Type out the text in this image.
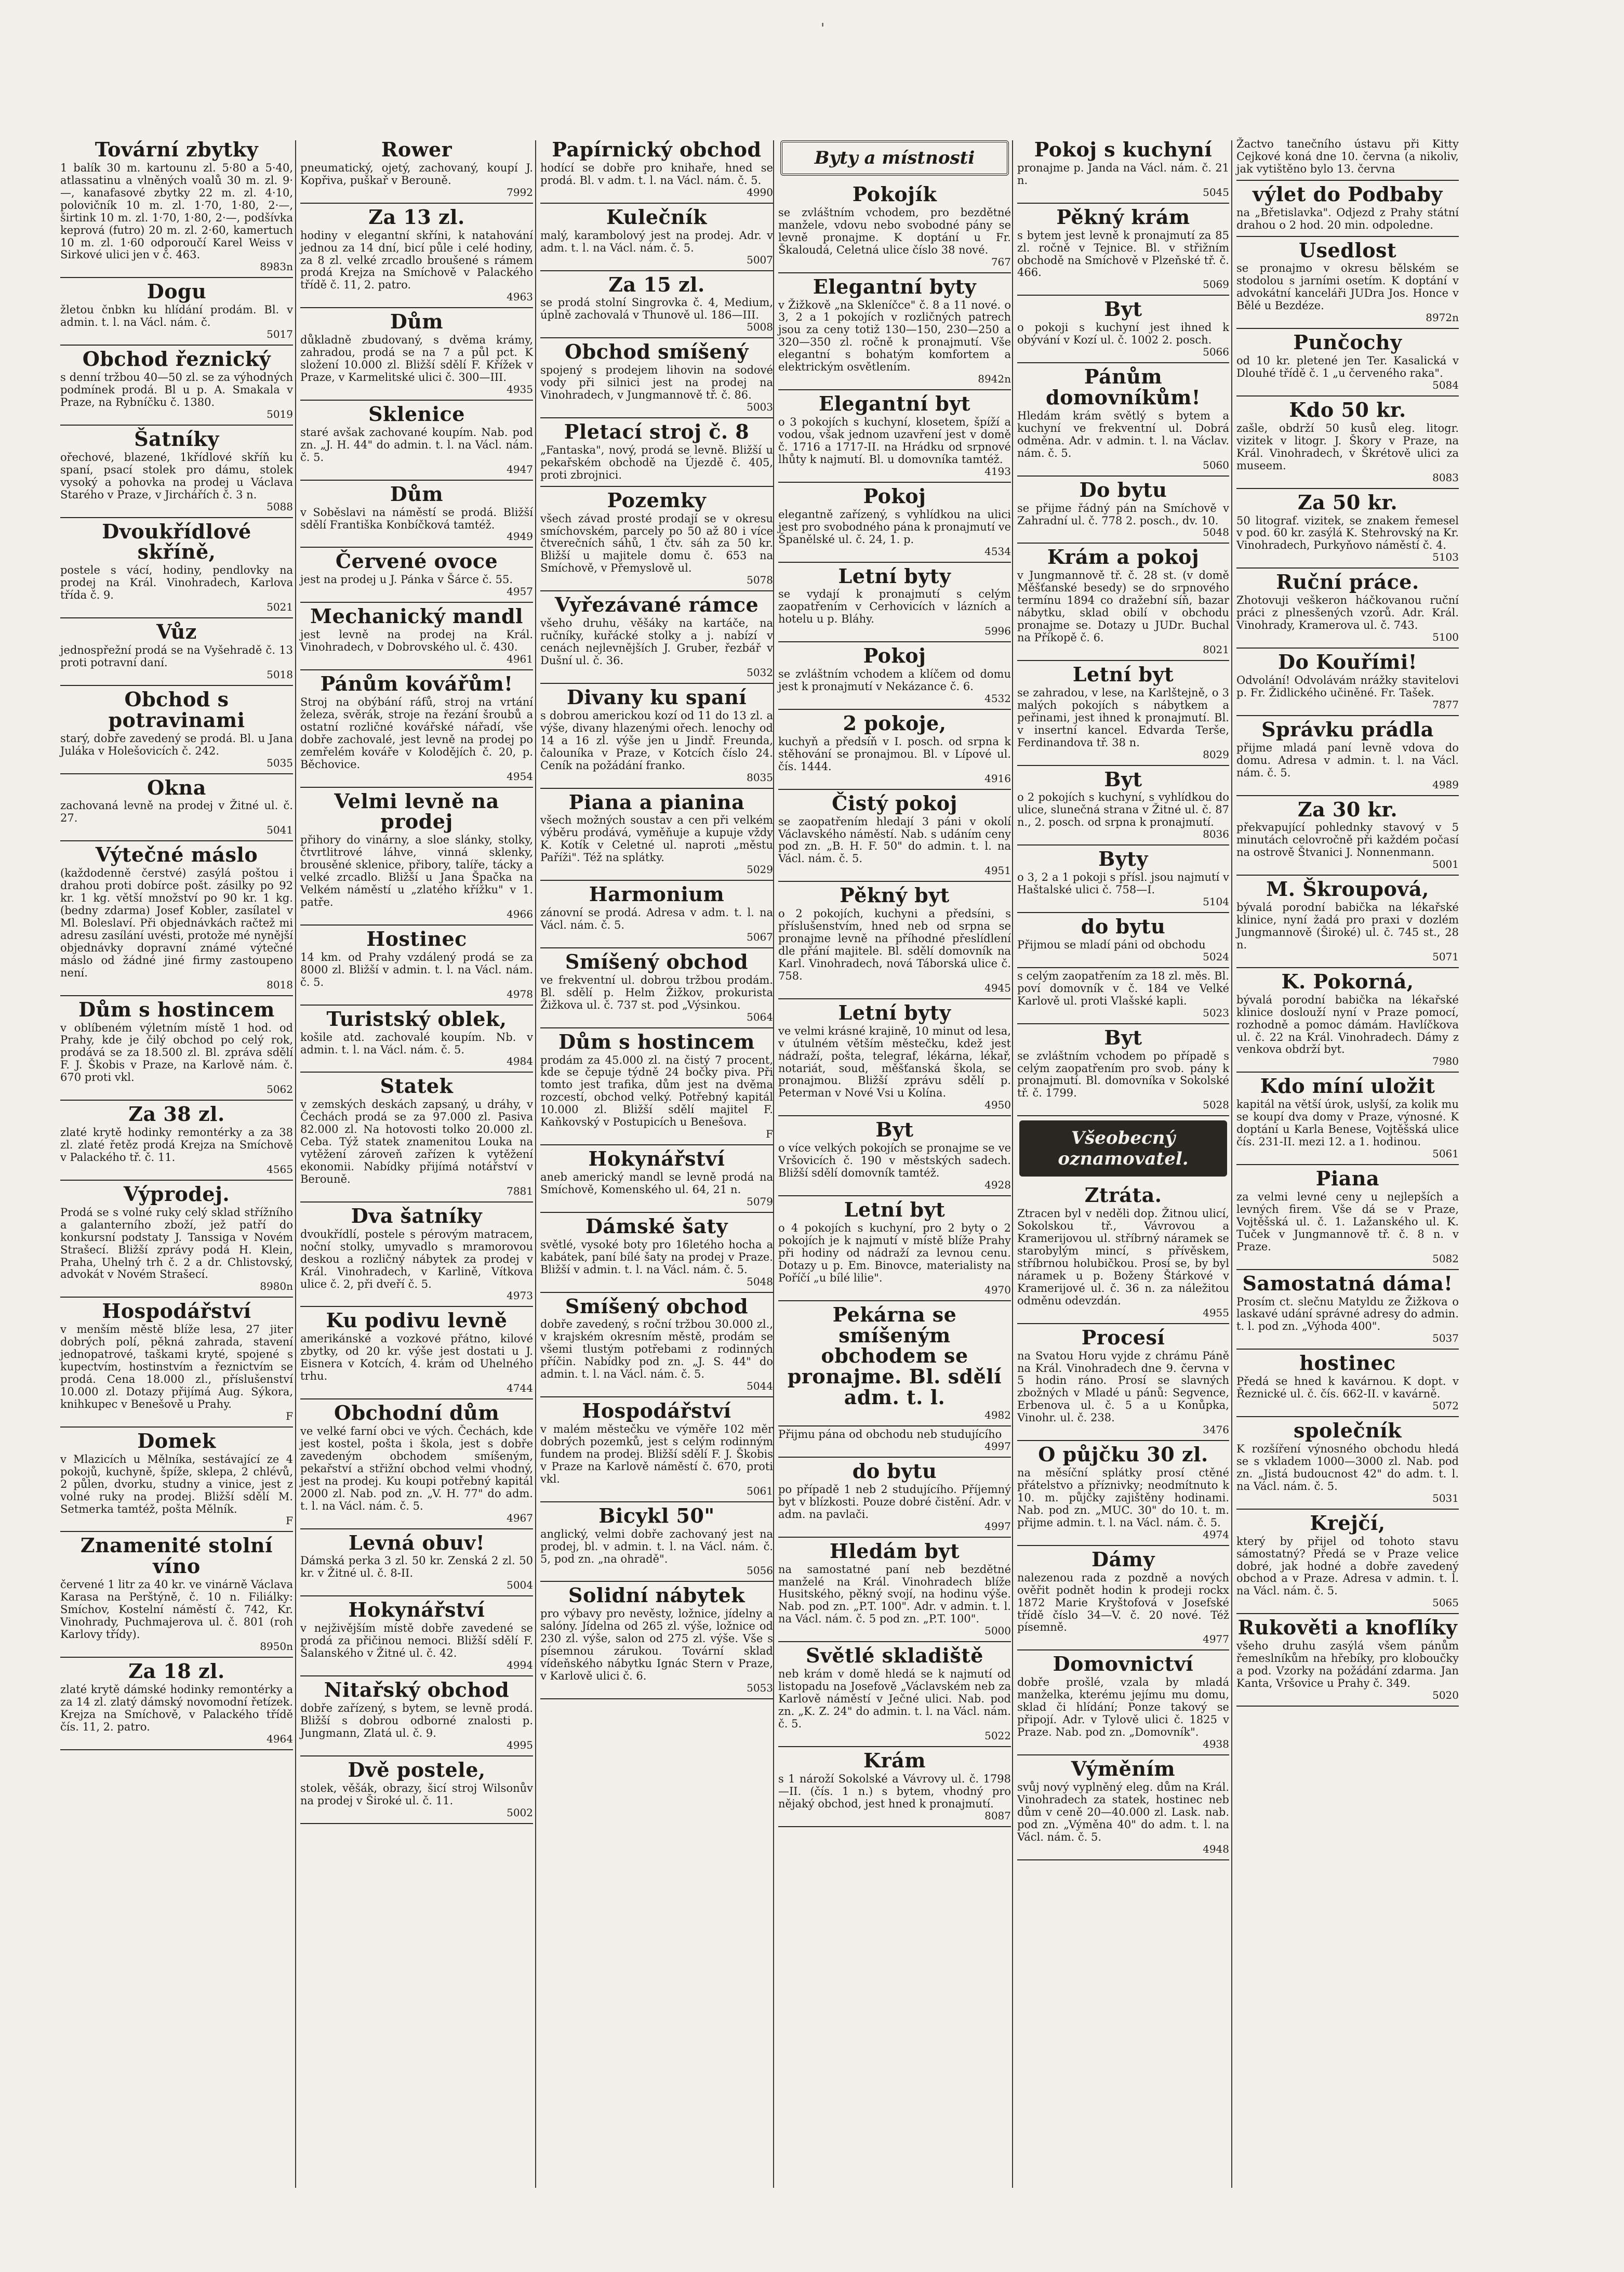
'
Tovární zbytky

1 balík 30 m. kartounu zl. 5·80 a 5·40, atlassatinu a vlněných voalů 30 m. zl. 9·—, kanafasové zbytky 22 m. zl. 4·10, polovičník 10 m. zl. 1·70, 1·80, 2·—, širtink 10 m. zl. 1·70, 1·80, 2·—, podšívka keprová (futro) 20 m. zl. 2·60, kamertuch 10 m. zl. 1·60 odporoučí Karel Weiss v Sirkové ulici jen v č. 463.

8983n
Dogu

žletou čnbkn ku hlídání prodám. Bl. v admin. t. l. na Václ. nám. č.

5017
Obchod řeznický

s denní tržbou 40—50 zl. se za výhodných podmínek prodá. Bl u p. A. Smakala v Praze, na Rybníčku č. 1380.

5019
Šatníky

ořechové, blazené, 1křídlové skříň ku spaní, psací stolek pro dámu, stolek vysoký a pohovka na prodej u Václava Starého v Praze, v Jirchářích č. 3 n.

5088
Dvoukřídlové skříně,

postele s vácí, hodiny, pendlovky na prodej na Král. Vinohradech, Karlova třída č. 9.

5021
Vůz

jednospřežní prodá se na Vyšehradě č. 13 proti potravní daní.

5018
Obchod s potravinami

starý, dobře zavedený se prodá. Bl. u Jana Juláka v Holešovicích č. 242.

5035
Okna

zachovaná levně na prodej v Žitné ul. č. 27.

5041
Výtečné máslo

(každodenně čerstvé) zasýlá poštou i drahou proti dobírce pošt. zásilky po 92 kr. 1 kg. větší množství po 90 kr. 1 kg. (bedny zdarma) Josef Kobler, zasílatel v Ml. Boleslaví. Při objednávkách račtež mi adresu zasílání uvésti, protože mé nynější objednávky dopravní známé výtečné máslo od žádné jiné firmy zastoupeno není.

8018
Dům s hostincem

v oblíbeném výletním místě 1 hod. od Prahy, kde je čilý obchod po celý rok, prodává se za 18.500 zl. Bl. zpráva sdělí F. J. Škobis v Praze, na Karlově nám. č. 670 proti vkl.

5062
Za 38 zl.

zlaté krytě hodinky remontérky a za 38 zl. zlaté řetěz prodá Krejza na Smíchově v Palackého tř. č. 11.

4565
Výprodej.

Prodá se s volné ruky celý sklad střížního a galanterního zboží, jež patří do konkursní podstaty J. Tanssiga v Novém Strašecí. Bližší zprávy podá H. Klein, Praha, Uhelný trh č. 2 a dr. Chlistovský, advokát v Novém Strašecí.

8980n
Hospodářství

v menším městě blíže lesa, 27 jiter dobrých polí, pěkná zahrada, stavení jednopatrové, taškami kryté, spojené s kupectvím, hostinstvím a řeznictvím se prodá. Cena 18.000 zl., příslušenství 10.000 zl. Dotazy přijímá Aug. Sýkora, knihkupec v Benešově u Prahy.

F
Domek

v Mlazicích u Mělníka, sestávající ze 4 pokojů, kuchyně, špíže, sklepa, 2 chlévů, 2 půlen, dvorku, studny a vinice, jest z volné ruky na prodej. Bližší sdělí M. Setmerka tamtéž, pošta Mělník.

F
Znamenité stolní víno

červené 1 litr za 40 kr. ve vinárně Václava Karasa na Perštýně, č. 10 n. Filiálky: Smíchov, Kostelní náměstí č. 742, Kr. Vinohrady, Puchmajerova ul. č. 801 (roh Karlovy třídy).

8950n
Za 18 zl.

zlaté krytě dámské hodinky remontérky a za 14 zl. zlatý dámský novomodní řetízek. Krejza na Smíchově, v Palackého třídě čís. 11, 2. patro.

4964
Rower

pneumatický, ojetý, zachovaný, koupí J. Kopřiva, puškař v Berouně.

7992
Za 13 zl.

hodiny v elegantní skříni, k natahování jednou za 14 dní, bicí půle i celé hodiny, za 8 zl. velké zrcadlo broušené s rámem prodá Krejza na Smíchově v Palackého třídě č. 11, 2. patro.

4963
Dům

důkladně zbudovaný, s dvěma krámy, zahradou, prodá se na 7 a půl pct. K složení 10.000 zl. Bližší sdělí F. Křížek v Praze, v Karmelitské ulici č. 300—III.

4935
Sklenice

staré avšak zachované koupím. Nab. pod zn. „J. H. 44" do admin. t. l. na Václ. nám. č. 5.

4947
Dům

v Soběslavi na náměstí se prodá. Bližší sdělí Františka Konbíčková tamtéž.

4949
Červené ovoce

jest na prodej u J. Pánka v Šárce č. 55.

4957
Mechanický mandl

jest levně na prodej na Král. Vinohradech, v Dobrovského ul. č. 430.

4961
Pánům kovářům!

Stroj na obýbání ráfů, stroj na vrtání železa, svěrák, stroje na řezání šroubů a ostatní rozličné kovářské nářadí, vše dobře zachovalé, jest levně na prodej po zemřelém kováře v Kolodějích č. 20, p. Běchovice.

4954
Velmi levně na prodej

přihory do vinárny, a sloe slánky, stolky, čtvrtlitrové láhve, vinná sklenky, brousěné sklenice, přibory, talíře, tácky a velké zrcadlo. Bližší u Jana Špačka na Velkém náměstí u „zlatého křížku" v 1. patře.

4966
Hostinec

14 km. od Prahy vzdálený prodá se za 8000 zl. Bližší v admin. t. l. na Václ. nám. č. 5.

4978
Turistský oblek,

košile atd. zachovalé koupím. Nb. v admin. t. l. na Václ. nám. č. 5.

4984
Statek

v zemských deskách zapsaný, u dráhy, v Čechách prodá se za 97.000 zl. Pasiva 82.000 zl. Na hotovosti tolko 20.000 zl. Ceba. Týž statek znamenitou Louka na vytěžení zároveň zařízen k vytěžení ekonomii. Nabídky přijímá notářství v Berouně.

7881
Dva šatníky

dvoukřídlí, postele s pérovým matracem, noční stolky, umyvadlo s mramorovou deskou a rozličný nábytek za prodej v Král. Vinohradech, v Karlině, Vítkova ulice č. 2, při dveří č. 5.

4973
Ku podivu levně

amerikánské a vozkové přátno, kilové zbytky, od 20 kr. výše jest dostati u J. Eisnera v Kotcích, 4. krám od Uhelného trhu.

4744
Obchodní dům

ve velké farní obci ve vých. Čechách, kde jest kostel, pošta i škola, jest s dobře zavedeným obchodem smíšeným, pekařství a střižní obchod velmi vhodný, jest na prodej. Ku koupi potřebný kapitál 2000 zl. Nab. pod zn. „V. H. 77" do adm. t. l. na Václ. nám. č. 5.

4967
Levná obuv!

Dámská perka 3 zl. 50 kr. Zenská 2 zl. 50 kr. v Žitné ul. č. 8-II.

5004
Hokynářství

v nejživějším místě dobře zavedené se prodá za přičinou nemoci. Bližší sdělí F. Šalanského v Žitné ul. č. 42.

4994
Nitařský obchod

dobře zařízený, s bytem, se levně prodá. Bližší s dobrou odborné znalosti p. Jungmann, Zlatá ul. č. 9.

4995
Dvě postele,

stolek, věšák, obrazy, šicí stroj Wilsonův na prodej v Široké ul. č. 11.

5002
Papírnický obchod

hodící se dobře pro knihaře, hned se prodá. Bl. v adm. t. l. na Václ. nám. č. 5.

4990
Kulečník

malý, karambolový jest na prodej. Adr. v adm. t. l. na Václ. nám. č. 5.

5007
Za 15 zl.

se prodá stolní Singrovka č. 4, Medium, úplně zachovalá v Thunově ul. 186—III.

5008
Obchod smíšený

spojený s prodejem lihovin na sodové vody při silnici jest na prodej na Vinohradech, v Jungmannově tř. č. 86.

5003
Pletací stroj č. 8

„Fantaska", nový, prodá se levně. Bližší u pekařském obchodě na Újezdě č. 405, proti zbrojnici.

Pozemky

všech závad prosté prodají se v okresu smíchovském, parcely po 50 až 80 i více čtverečních sáhů, 1 čtv. sáh za 50 kr. Bližší u majitele domu č. 653 na Smíchově, v Přemyslově ul.

5078
Vyřezávané rámce

všeho druhu, věšáky na kartáče, na ručníky, kuřácké stolky a j. nabízí v cenách nejlevnějších J. Gruber, řezbář v Dušní ul. č. 36.

5032
Divany ku spaní

s dobrou americkou kozí od 11 do 13 zl. a výše, divany hlazenými ořech. lenochy od 14 a 16 zl. výše jen u Jindř. Freunda, čalouníka v Praze, v Kotcích číslo 24. Ceník na požádání franko.

8035
Piana a pianina

všech možných soustav a cen při velkém výběru prodává, vyměňuje a kupuje vždy K. Kotík v Celetné ul. naproti „městu Paříži". Též na splátky.

5029
Harmonium

zánovní se prodá. Adresa v adm. t. l. na Václ. nám. č. 5.

5067
Smíšený obchod

ve frekventní ul. dobrou tržbou prodám. Bl. sdělí p. Helm Žižkov, prokurista Žižkova ul. č. 737 st. pod „Výsinkou.

5064
Dům s hostincem

prodám za 45.000 zl. na čistý 7 procent, kde se čepuje týdně 24 bočky piva. Při tomto jest trafika, dům jest na dvěma rozcestí, obchod velký. Potřebný kapitál 10.000 zl. Bližší sdělí majitel F. Kaňkovský v Postupicích u Benešova.

F
Hokynářství

aneb americký mandl se levně prodá na Smíchově, Komenského ul. 64, 21 n.

5079
Dámské šaty

světlé, vysoké boty pro 16letého hocha a kabátek, paní bílé šaty na prodej v Praze. Bližší v admin. t. l. na Václ. nám. č. 5.

5048
Smíšený obchod

dobře zavedený, s roční tržbou 30.000 zl., v krajském okresním městě, prodám se všemi tlustým potřebami z rodinných příčin. Nabídky pod zn. „J. S. 44" do admin. t. l. na Václ. nám. č. 5.

5044
Hospodářství

v malém městečku ve výměře 102 měr dobrých pozemků, jest s celým rodinným fundem na prodej. Bližší sdělí F. J. Škobis v Praze na Karlově náměstí č. 670, proti vkl.

5061
Bicykl 50"

anglický, velmi dobře zachovaný jest na prodej, bl. v admin. t. l. na Václ. nám. č. 5, pod zn. „na ohradě".

5056
Solidní nábytek

pro výbavy pro nevěsty, ložnice, jídelny a salóny. Jídelna od 265 zl. výše, ložnice od 230 zl. výše, salon od 275 zl. výše. Vše s písemnou zárukou. Tovární sklad vídeňského nábytku Ignác Stern v Praze, v Karlově ulici č. 6.

5053
Byty a místnosti
Pokojík

se zvláštním vchodem, pro bezdětné manžele, vdovu nebo svobodné pány se levně pronajme. K doptání u Fr. Škaloudá, Celetná ulice číslo 38 nové.

767
Elegantní byty

v Žižkově „na Skleníčce" č. 8 a 11 nové. o 3, 2 a 1 pokojích v rozličných patrech jsou za ceny totiž 130—150, 230—250 a 320—350 zl. ročně k pronajmutí. Vše elegantní s bohatým komfortem a elektrickým osvětlením.

8942n
Elegantní byt

o 3 pokojích s kuchyní, klosetem, špíží a vodou, však jednom uzavření jest v domě č. 1716 a 1717-II. na Hrádku od srpnové lhůty k najmutí. Bl. u domovníka tamtéž.

4193
Pokoj

elegantně zařízený, s vyhlídkou na ulici jest pro svobodného pána k pronajmutí ve Španělské ul. č. 24, 1. p.

4534
Letní byty

se vydají k pronajmutí s celým zaopatřením v Cerhovicích v lázních a hotelu u p. Bláhy.

5996
Pokoj

se zvláštním vchodem a klíčem od domu jest k pronajmutí v Nekázance č. 6.

4532
2 pokoje,

kuchyň a předsíň v I. posch. od srpna k stěhování se pronajmou. Bl. v Lípové ul. čís. 1444.

4916
Čistý pokoj

se zaopatřením hledají 3 páni v okolí Václavského náměstí. Nab. s udáním ceny pod zn. „B. H. F. 50" do admin. t. l. na Václ. nám. č. 5.

4951
Pěkný byt

o 2 pokojích, kuchyni a předsíni, s příslušenstvím, hned neb od srpna se pronajme levně na příhodné přeslídlení dle přání majitele. Bl. sdělí domovník na Karl. Vinohradech, nová Táborská ulice č. 758.

4945
Letní byty

ve velmi krásné krajině, 10 minut od lesa, v útulném větším městečku, kdež jest nádraží, pošta, telegraf, lékárna, lékař, notariát, soud, měšťanská škola, se pronajmou. Bližší zprávu sdělí p. Peterman v Nové Vsi u Kolína.

4950
Byt

o více velkých pokojích se pronajme se ve Vršovicích č. 190 v městských sadech. Bližší sdělí domovník tamtéž.

4928
Letní byt

o 4 pokojích s kuchyní, pro 2 byty o 2 pokojích je k najmutí v místě blíže Prahy při hodiny od nádraží za levnou cenu. Dotazy u p. Em. Binovce, materialisty na Poříčí „u bílé lilie".

4970
Pekárna se smíšeným obchodem se pronajme. Bl. sdělí adm. t. l.
4982

Přijmu pána od obchodu neb studujícího

4997
do bytu

po případě 1 neb 2 studujícího. Příjemný byt v blízkosti. Pouze dobré čistění. Adr. v adm. na pavlači.

4997
Hledám byt

na samostatné paní neb bezdětné manželé na Král. Vinohradech blíže Husitského, pěkný svojí, na hodinu výše. Nab. pod zn. „P.T. 100". Adr. v admin. t. l. na Václ. nám. č. 5 pod zn. „P.T. 100".

5000
Světlé skladiště

neb krám v domě hledá se k najmutí od listopadu na Josefově „Václavském neb za Karlově náměstí v Ječné ulici. Nab. pod zn. „K. Z. 24" do admin. t. l. na Václ. nám. č. 5.

5022
Krám

s 1 nároží Sokolské a Vávrovy ul. č. 1798—II. (čís. 1 n.) s bytem, vhodný pro nějaký obchod, jest hned k pronajmutí.

8087
Pokoj s kuchyní

pronajme p. Janda na Václ. nám. č. 21 n.

5045
Pěkný krám

s bytem jest levně k pronajmutí za 85 zl. ročně v Tejnice. Bl. v střižním obchodě na Smíchově v Plzeňské tř. č. 466.

5069
Byt

o pokoji s kuchyní jest ihned k obývání v Kozí ul. č. 1002 2. posch.

5066
Pánům domovníkům!

Hledám krám světlý s bytem a kuchyní ve frekventní ul. Dobrá odměna. Adr. v admin. t. l. na Václav. nám. č. 5.

5060
Do bytu

se přijme řádný pán na Smíchově v Zahradní ul. č. 778 2. posch., dv. 10.

5048
Krám a pokoj

v Jungmannově tř. č. 28 st. (v domě Měšťanské besedy) se do srpnového termínu 1894 co dražební síň, bazar nábytku, sklad obilí v obchodu pronajme se. Dotazy u JUDr. Buchal na Příkopě č. 6.

8021
Letní byt

se zahradou, v lese, na Karlštejně, o 3 malých pokojích s nábytkem a peřinami, jest ihned k pronajmutí. Bl. v insertní kancel. Edvarda Terše, Ferdinandova tř. 38 n.

8029
Byt

o 2 pokojích s kuchyní, s vyhlídkou do ulice, slunečná strana v Žitné ul. č. 87 n., 2. posch. od srpna k pronajmutí.

8036
Byty

o 3, 2 a 1 pokoji s přísl. jsou najmutí v Haštalské ulici č. 758—I.

5104
do bytu

Přijmou se mladí páni od obchodu

5024

s celým zaopatřením za 18 zl. měs. Bl. poví domovník v č. 184 ve Velké Karlově ul. proti Vlašské kapli.

5023
Byt

se zvláštním vchodem po případě s celým zaopatřením pro svob. pány k pronajmutí. Bl. domovníka v Sokolské tř. č. 1799.

5028
Všeobecný oznamovatel.
Ztráta.

Ztracen byl v neděli dop. Žitnou ulicí, Sokolskou tř., Vávrovou a Kramerijovou ul. stříbrný náramek se starobylým mincí, s přívěskem, stříbrnou holubičkou. Prosí se, by byl náramek u p. Boženy Štárkové v Kramerijové ul. č. 36 n. za náležitou odměnu odevzdán.

4955
Procesí

na Svatou Horu vyjde z chrámu Páně na Král. Vinohradech dne 9. června v 5 hodin ráno. Prosí se slavných zbožných v Mladé u pánů: Segvence, Erbenova ul. č. 5 a u Konůpka, Vinohr. ul. č. 238.

3476
O půjčku 30 zl.

na měsíční splátky prosí ctěné přátelstvo a příznivky; neodmítnuto k 10. m. půjčky zajištěny hodinami. Nab. pod zn. „MUC. 30" do 10. t. m. přijme admin. t. l. na Václ. nám. č. 5.

4974
Dámy

nalezenou rada z pozdně a nových ověřit podnět hodin k prodeji rockx 1872 Marie Kryštofová v Josefské třídě číslo 34—V. č. 20 nové. Též písemně.

4977
Domovnictví

dobře prošlé, vzala by mladá manželka, kterému jejímu mu domu, sklad či hlídání; Ponze takový se připojí. Adr. v Tylově ulici č. 1825 v Praze. Nab. pod zn. „Domovník".

4938
Výměním

svůj nový vyplněný eleg. dům na Král. Vinohradech za statek, hostinec neb dům v ceně 20—40.000 zl. Lask. nab. pod zn. „Výměna 40" do adm. t. l. na Václ. nám. č. 5.

4948

Žactvo tanečního ústavu při Kitty Cejkové koná dne 10. června (a nikoliv, jak vytištěno bylo 13. června

výlet do Podbaby

na „Břetislavka". Odjezd z Prahy státní drahou o 2 hod. 20 min. odpoledne.

Usedlost

se pronajmo v okresu bělském se stodolou s jarními osetím. K doptání v advokátní kanceláři JUDra Jos. Honce v Bělé u Bezdéze.

8972n
Punčochy

od 10 kr. pletené jen Ter. Kasalická v Dlouhé třídě č. 1 „u červeného raka".

5084
Kdo 50 kr.

zašle, obdrží 50 kusů eleg. litogr. vizitek v litogr. J. Škory v Praze, na Král. Vinohradech, v Škrétově ulici za museem.

8083
Za 50 kr.

50 litograf. vizitek, se znakem řemesel v pod. 60 kr. zasýlá K. Stehrovský na Kr. Vinohradech, Purkyňovo náměstí č. 4.

5103
Ruční práce.

Zhotovuji veškeron háčkovanou ruční práci z plnesšených vzorů. Adr. Král. Vinohrady, Kramerova ul. č. 743.

5100
Do Kouřími!

Odvolání! Odvolávám nrážky stavitelovi p. Fr. Židlického učiněné. Fr. Tašek.

7877
Správku prádla

přijme mladá paní levně vdova do domu. Adresa v admin. t. l. na Václ. nám. č. 5.

4989
Za 30 kr.

překvapující pohlednky stavový v 5 minutách celovročně při každém počasí na ostrově Štvanici J. Nonnenmann.

5001
M. Škroupová,

bývalá porodní babička na lékařské klinice, nyní žadá pro praxi v dozlém Jungmannově (Široké) ul. č. 745 st., 28 n.

5071
K. Pokorná,

bývalá porodní babička na lékařské klinice doslouží nyní v Praze pomocí, rozhodně a pomoc dámám. Havlíčkova ul. č. 22 na Král. Vinohradech. Dámy z venkova obdrží byt.

7980
Kdo míní uložit

kapitál na větší úrok, uslyší, za kolik mu se koupí dva domy v Praze, výnosné. K doptání u Karla Benese, Vojtěšská ulice čís. 231-II. mezi 12. a 1. hodinou.

5061
Piana

za velmi levné ceny u nejlepších a levných firem. Vše dá se v Praze, Vojtěšská ul. č. 1. Lažanského ul. K. Tuček v Jungmannově tř. č. 8 n. v Praze.

5082
Samostatná dáma!

Prosím ct. slečnu Matyldu ze Žižkova o laskavé udání správné adresy do admin. t. l. pod zn. „Výhoda 400".

5037
hostinec

Předá se hned k kavárnou. K dopt. v Řeznické ul. č. čís. 662-II. v kavárně.

5072
společník

K rozšíření výnosného obchodu hledá se s vkladem 1000—3000 zl. Nab. pod zn. „Jistá budoucnost 42" do adm. t. l. na Václ. nám. č. 5.

5031
Krejčí,

který by přijel od tohoto stavu sámostatný? Předá se v Praze velice dobré, jak hodné a dobře zavedený obchod a v Praze. Adresa v admin. t. l. na Václ. nám. č. 5.

5065
Rukověti a knoflíky

všeho druhu zasýlá všem pánům řemeslníkům na hřebíky, pro kloboučky a pod. Vzorky na požádání zdarma. Jan Kanta, Vršovice u Prahy č. 349.

5020
